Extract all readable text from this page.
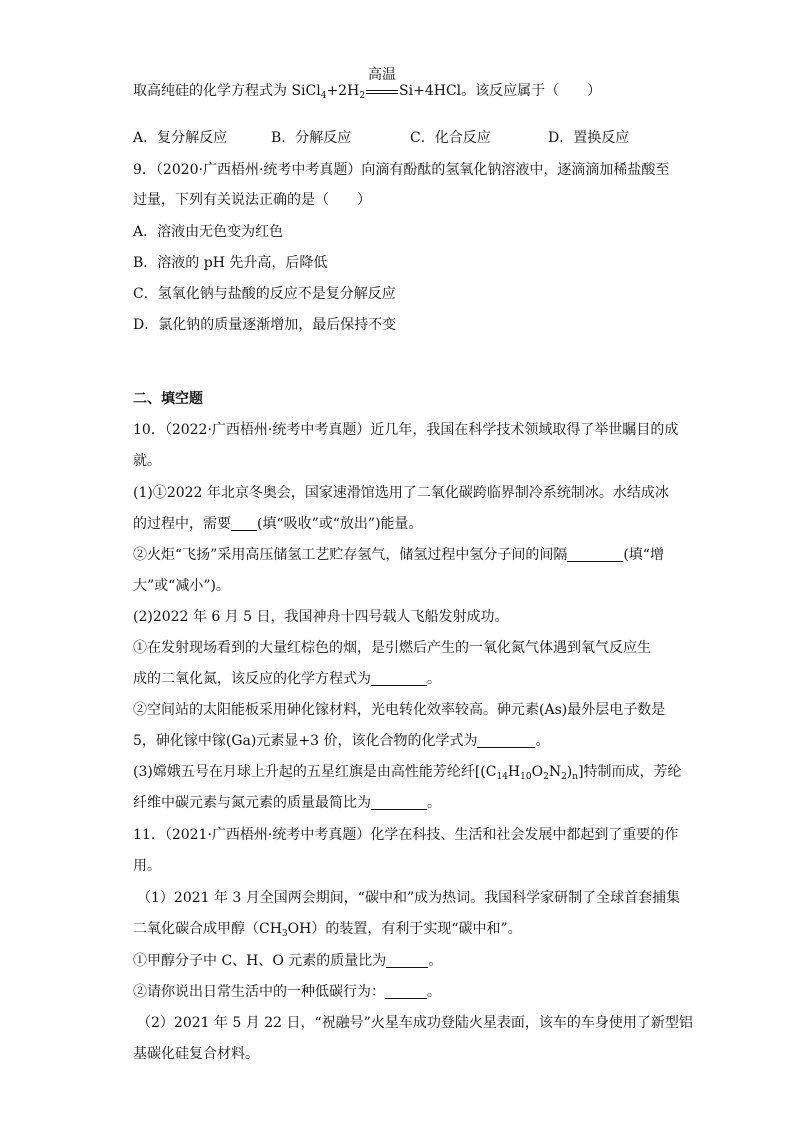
取高纯硅的化学方程式为 $SiCl_4+2H_2$
高温
Si+4HCl。该反应属于（　　）
A．复分解反应	B．分解反应	C．化合反应	D．置换反应
9．（2020·广西梧州·统考中考真题）向滴有酚酞的氢氧化钠溶液中，逐滴滴加稀盐酸至
过量，下列有关说法正确的是（　　）
A．溶液由无色变为红色
B．溶液的 pH 先升高，后降低
C．氢氧化钠与盐酸的反应不是复分解反应
D．氯化钠的质量逐渐增加，最后保持不变
二、填空题
10．（2022·广西梧州·统考中考真题）近几年，我国在科学技术领域取得了举世瞩目的成
就。
(1)①2022 年北京冬奥会，国家速滑馆选用了二氧化碳跨临界制冷系统制冰。水结成冰
的过程中，需要 (填“吸收”或“放出”)能量。
②火炬“飞扬”采用高压储氢工艺贮存氢气，储氢过程中氢分子间的间隔	(填“增
大”或“减小”)。
(2)2022 年 6 月 5 日，我国神舟十四号载人飞船发射成功。
①在发射现场看到的大量红棕色的烟，是引燃后产生的一氧化氮气体遇到氧气反应生
成的二氧化氮，该反应的化学方程式为	。
②空间站的太阳能板采用砷化镓材料，光电转化效率较高。砷元素(As)最外层电子数是
5，砷化镓中镓(Ga)元素显+3 价，该化合物的化学式为	。
(3)嫦娥五号在月球上升起的五星红旗是由高性能芳纶纤$[(C_{14}H_{10}O_2N_2)_n]$特制而成，芳纶
纤维中碳元素与氮元素的质量最简比为	。
11．（2021·广西梧州·统考中考真题）化学在科技、生活和社会发展中都起到了重要的作
用。
（1）2021 年 3 月全国两会期间，“碳中和”成为热词。我国科学家研制了全球首套捕集
二氧化碳合成甲醇$(CH_3OH)$的装置，有利于实现“碳中和”。
①甲醇分子中 C、H、O 元素的质量比为	。
②请你说出日常生活中的一种低碳行为：	。
（2）2021 年 5 月 22 日，“祝融号”火星车成功登陆火星表面，该车的车身使用了新型铝
基碳化硅复合材料。
